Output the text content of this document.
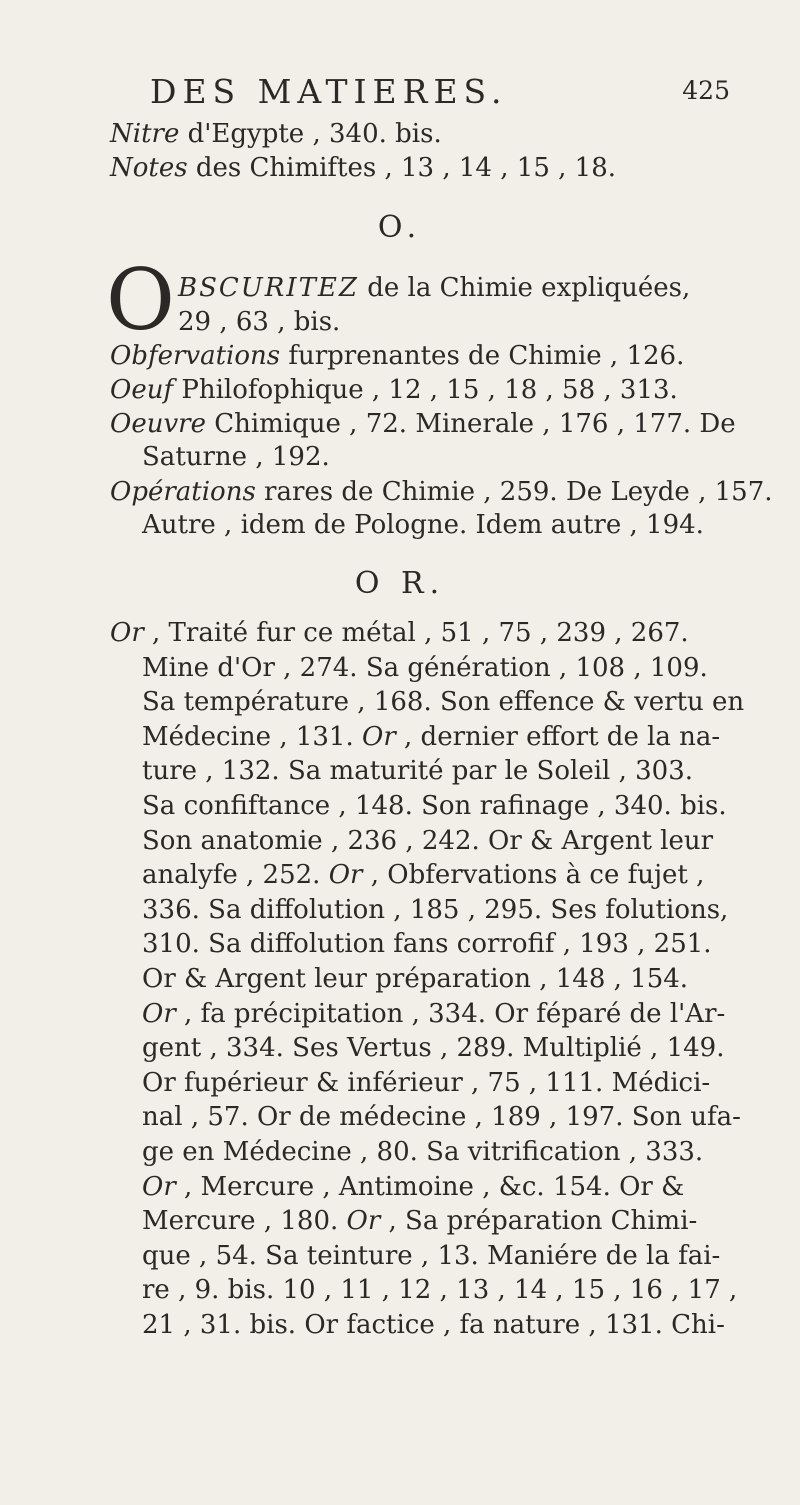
DES MATIERES.	425
Nitre d'Egypte , 340. bis.
Notes des Chimiftes , 13 , 14 , 15 , 18.
O.
O BSCURITEZ de la Chimie expliquées,
29 , 63 , bis.
Obfervations furprenantes de Chimie , 126.
Oeuf Philofophique , 12 , 15 , 18 , 58 , 313.
Oeuvre Chimique , 72. Minerale , 176 , 177. De
Saturne , 192.
Opérations rares de Chimie , 259. De Leyde , 157.
Autre , idem de Pologne. Idem autre , 194.
O R.
Or , Traité fur ce métal , 51 , 75 , 239 , 267.
Mine d'Or , 274. Sa génération , 108 , 109.
Sa température , 168. Son effence & vertu en
Médecine , 131. Or , dernier effort de la na-
ture , 132. Sa maturité par le Soleil , 303.
Sa confiftance , 148. Son rafinage , 340. bis.
Son anatomie , 236 , 242. Or & Argent leur
analyfe , 252. Or , Obfervations à ce fujet ,
336. Sa diffolution , 185 , 295. Ses folutions,
310. Sa diffolution fans corrofif , 193 , 251.
Or & Argent leur préparation , 148 , 154.
Or , fa précipitation , 334. Or féparé de l'Ar-
gent , 334. Ses Vertus , 289. Multiplié , 149.
Or fupérieur & inférieur , 75 , 111. Médici-
nal , 57. Or de médecine , 189 , 197. Son ufa-
ge en Médecine , 80. Sa vitrification , 333.
Or , Mercure , Antimoine , &c. 154. Or &
Mercure , 180. Or , Sa préparation Chimi-
que , 54. Sa teinture , 13. Maniére de la fai-
re , 9. bis. 10 , 11 , 12 , 13 , 14 , 15 , 16 , 17 ,
21 , 31. bis. Or factice , fa nature , 131. Chi-
